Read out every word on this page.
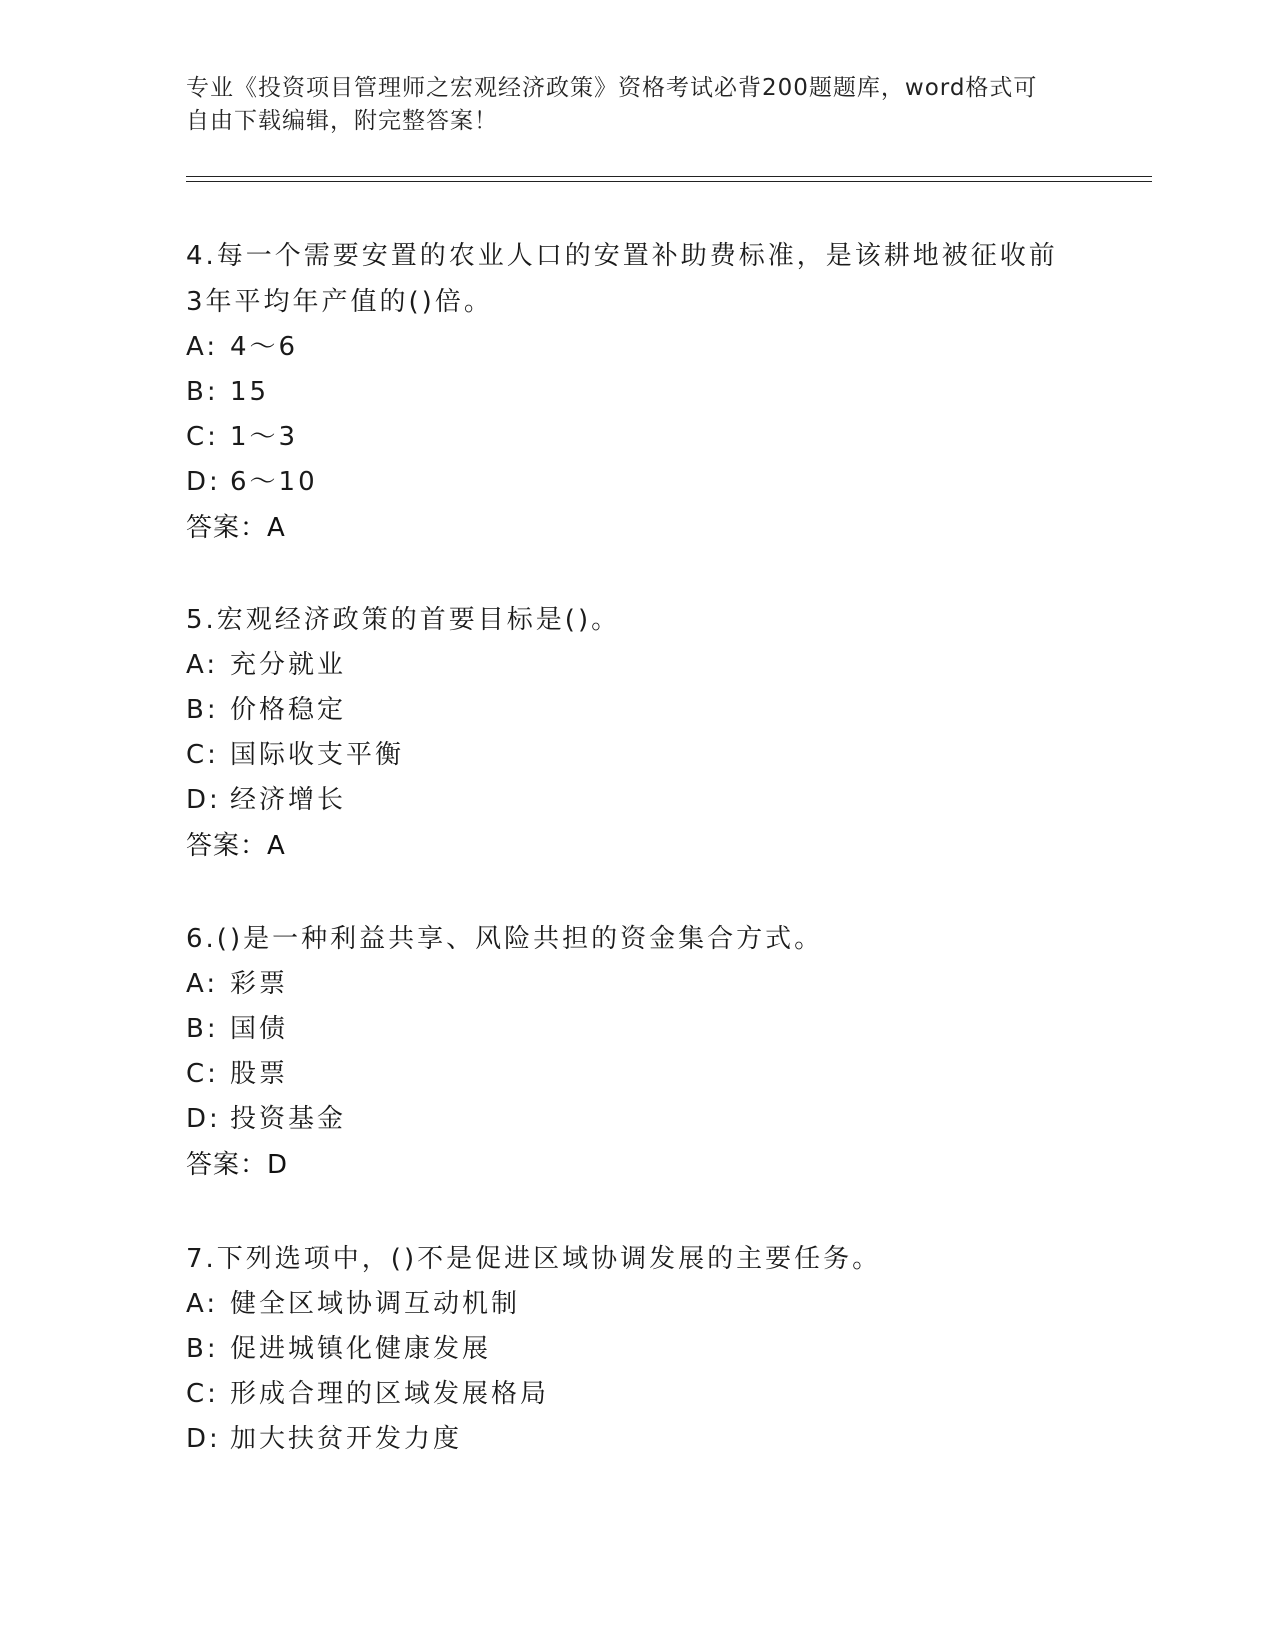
专业《投资项目管理师之宏观经济政策》资格考试必背200题题库，word格式可
自由下载编辑，附完整答案！
4.每一个需要安置的农业人口的安置补助费标准，是该耕地被征收前
3年平均年产值的()倍。
A: 4～6
B: 15
C: 1～3
D: 6～10
答案：A
5.宏观经济政策的首要目标是()。
A: 充分就业
B: 价格稳定
C: 国际收支平衡
D: 经济增长
答案：A
6.()是一种利益共享、风险共担的资金集合方式。
A: 彩票
B: 国债
C: 股票
D: 投资基金
答案：D
7.下列选项中，()不是促进区域协调发展的主要任务。
A: 健全区域协调互动机制
B: 促进城镇化健康发展
C: 形成合理的区域发展格局
D: 加大扶贫开发力度
